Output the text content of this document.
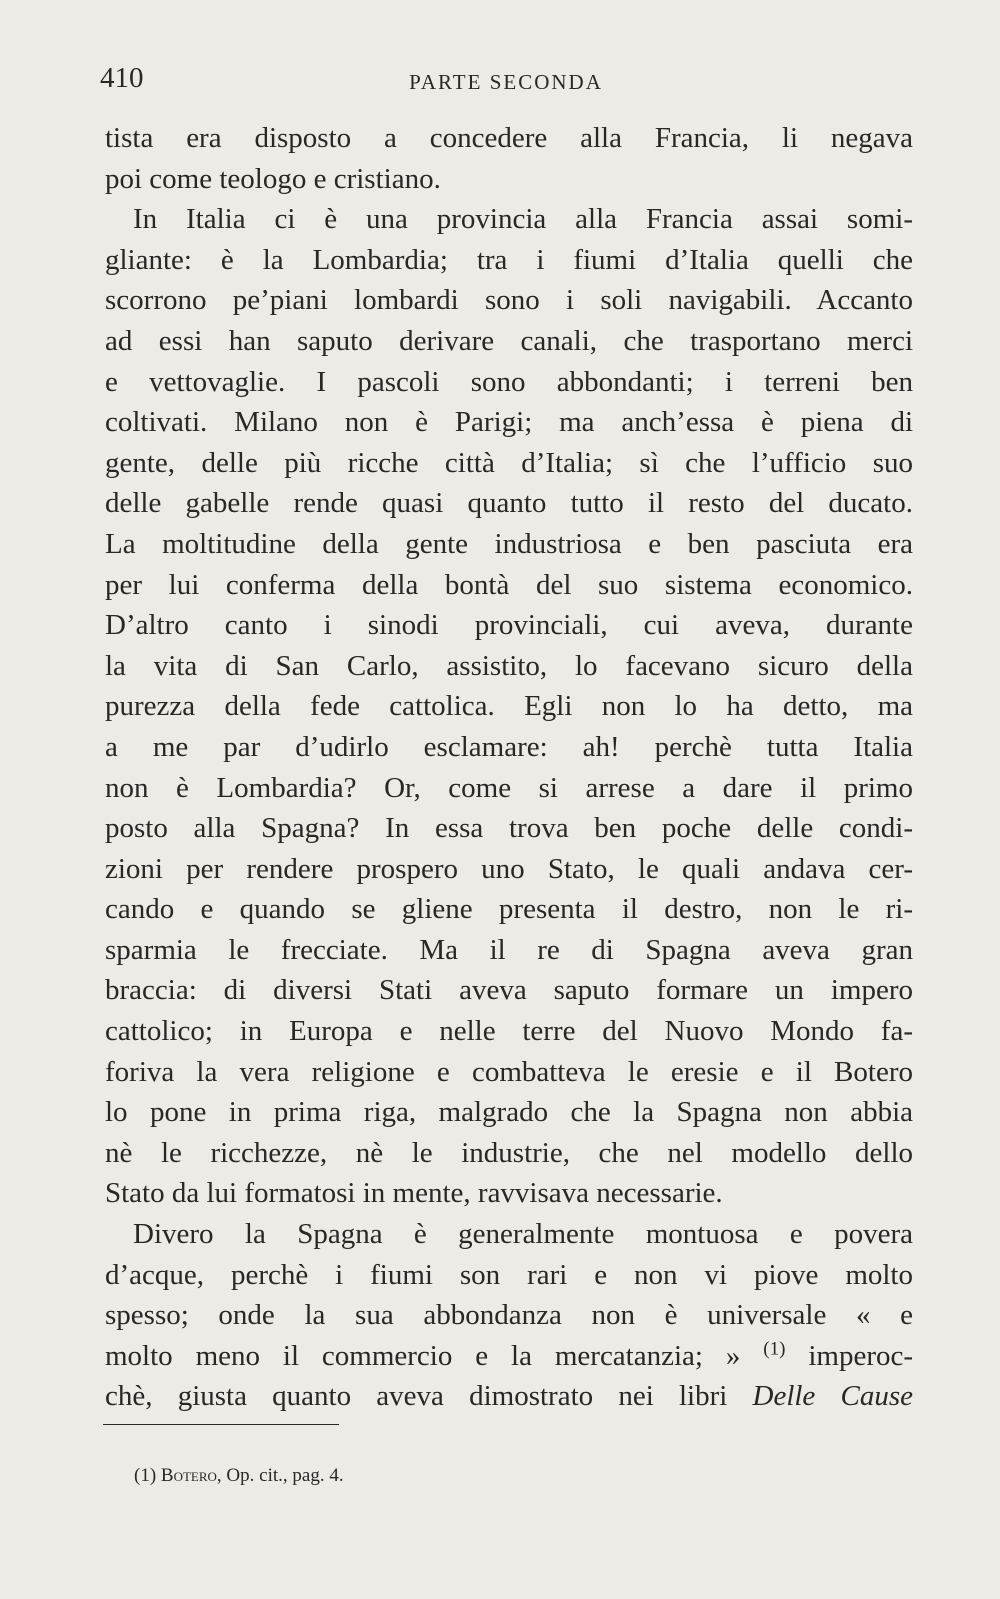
410	PARTE SECONDA
tista era disposto a concedere alla Francia, li negava
poi come teologo e cristiano.
In Italia ci è una provincia alla Francia assai somi-
gliante: è la Lombardia; tra i fiumi d’Italia quelli che
scorrono pe’piani lombardi sono i soli navigabili. Accanto
ad essi han saputo derivare canali, che trasportano merci
e vettovaglie. I pascoli sono abbondanti; i terreni ben
coltivati. Milano non è Parigi; ma anch’essa è piena di
gente, delle più ricche città d’Italia; sì che l’ufficio suo
delle gabelle rende quasi quanto tutto il resto del ducato.
La moltitudine della gente industriosa e ben pasciuta era
per lui conferma della bontà del suo sistema economico.
D’altro canto i sinodi provinciali, cui aveva, durante
la vita di San Carlo, assistito, lo facevano sicuro della
purezza della fede cattolica. Egli non lo ha detto, ma
a me par d’udirlo esclamare: ah! perchè tutta Italia
non è Lombardia? Or, come si arrese a dare il primo
posto alla Spagna? In essa trova ben poche delle condi-
zioni per rendere prospero uno Stato, le quali andava cer-
cando e quando se gliene presenta il destro, non le ri-
sparmia le frecciate. Ma il re di Spagna aveva gran
braccia: di diversi Stati aveva saputo formare un impero
cattolico; in Europa e nelle terre del Nuovo Mondo fa-
foriva la vera religione e combatteva le eresie e il Botero
lo pone in prima riga, malgrado che la Spagna non abbia
nè le ricchezze, nè le industrie, che nel modello dello
Stato da lui formatosi in mente, ravvisava necessarie.
Divero la Spagna è generalmente montuosa e povera
d’acque, perchè i fiumi son rari e non vi piove molto
spesso; onde la sua abbondanza non è universale « e
molto meno il commercio e la mercatanzia; » $^{(1)}$ imperoc-
chè, giusta quanto aveva dimostrato nei libri Delle Cause
(1) Botero, Op. cit., pag. 4.
